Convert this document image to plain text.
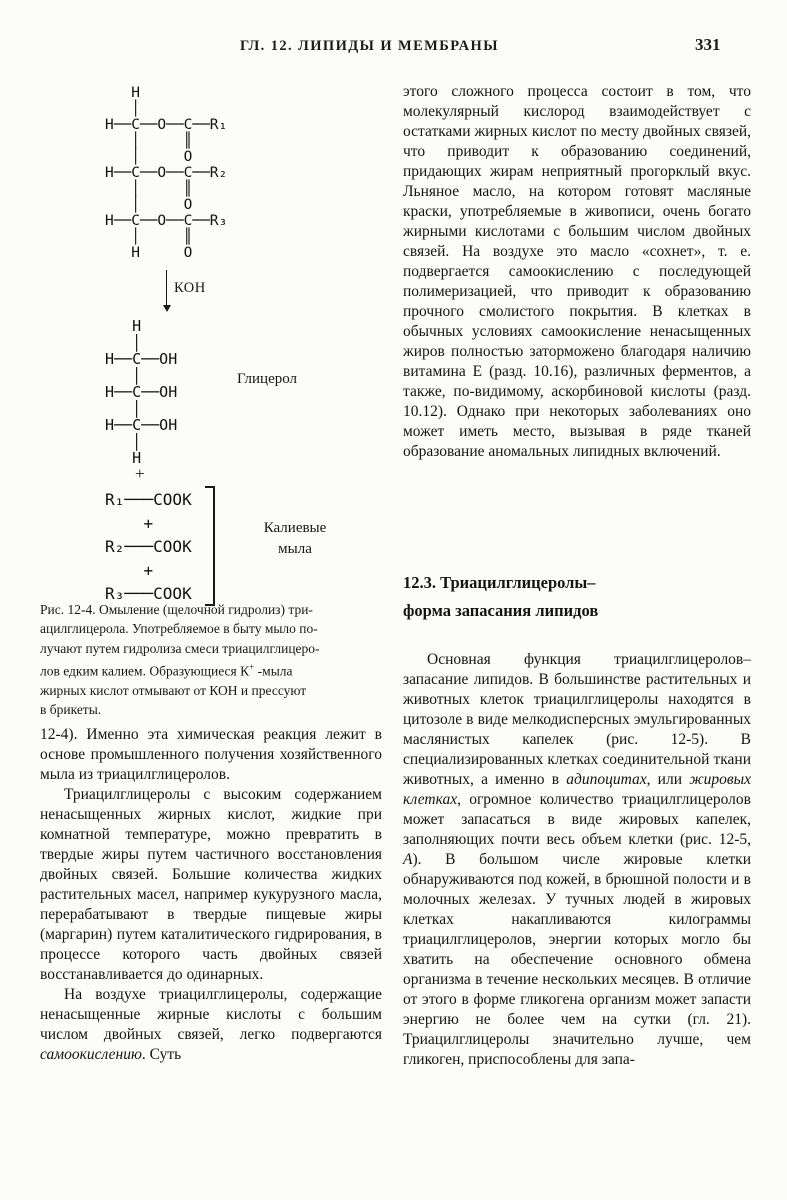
ГЛ. 12. ЛИПИДЫ И МЕМБРАНЫ	331
H
│
H──C──O──C──R₁
│     ║
│     O
H──C──O──C──R₂
│     ║
│     O
H──C──O──C──R₃
│     ║
H     O
КОН
H
│
H──C──OH
│
H──C──OH
│
H──C──OH
│
H
Глицерол
+
R₁───COOK
+
R₂───COOK
+
R₃───COOK
Калиевые
мыла
Рис. 12-4. Омыление (щелочной гидролиз) три-
ацилглицерола. Употребляемое в быту мыло по-
лучают путем гидролиза смеси триацилглицеро-
лов едким калием. Образующиеся К+ -мыла
жирных кислот отмывают от КОН и прессуют
в брикеты.

12-4). Именно эта химическая реакция лежит в основе промышленного получения хозяйственного мыла из триацилглицеролов.

Триацилглицеролы с высоким содержанием ненасыщенных жирных кислот, жидкие при комнатной температуре, можно превратить в твердые жиры путем частичного восстановления двойных связей. Большие количества жидких растительных масел, например кукурузного масла, перерабатывают в твердые пищевые жиры (маргарин) путем каталитического гидрирования, в процессе которого часть двойных связей восстанавливается до одинарных.

На воздухе триацилглицеролы, содержащие ненасыщенные жирные кислоты с большим числом двойных связей, легко подвергаются самоокислению. Суть

этого сложного процесса состоит в том, что молекулярный кислород взаимодействует с остатками жирных кислот по месту двойных связей, что приводит к образованию соединений, придающих жирам неприятный прогорклый вкус. Льняное масло, на котором готовят масляные краски, употребляемые в живописи, очень богато жирными кислотами с большим числом двойных связей. На воздухе это масло «сохнет», т. е. подвергается самоокислению с последующей полимеризацией, что приводит к образованию прочного смолистого покрытия. В клетках в обычных условиях самоокисление ненасыщенных жиров полностью заторможено благодаря наличию витамина Е (разд. 10.16), различных ферментов, а также, по-видимому, аскорбиновой кислоты (разд. 10.12). Однако при некоторых заболеваниях оно может иметь место, вызывая в ряде тканей образование аномальных липидных включений.

12.3. Триацилглицеролы–
форма запасания липидов

Основная функция триацилглицеролов–запасание липидов. В большинстве растительных и животных клеток триацилглицеролы находятся в цитозоле в виде мелкодисперсных эмульгированных маслянистых капелек (рис. 12-5). В специализированных клетках соединительной ткани животных, а именно в адипоцитах, или жировых клетках, огромное количество триацилглицеролов может запасаться в виде жировых капелек, заполняющих почти весь объем клетки (рис. 12-5, А). В большом числе жировые клетки обнаруживаются под кожей, в брюшной полости и в молочных железах. У тучных людей в жировых клетках накапливаются килограммы триацилглицеролов, энергии которых могло бы хватить на обеспечение основного обмена организма в течение нескольких месяцев. В отличие от этого в форме гликогена организм может запасти энергию не более чем на сутки (гл. 21). Триацилглицеролы значительно лучше, чем гликоген, приспособлены для запа-
